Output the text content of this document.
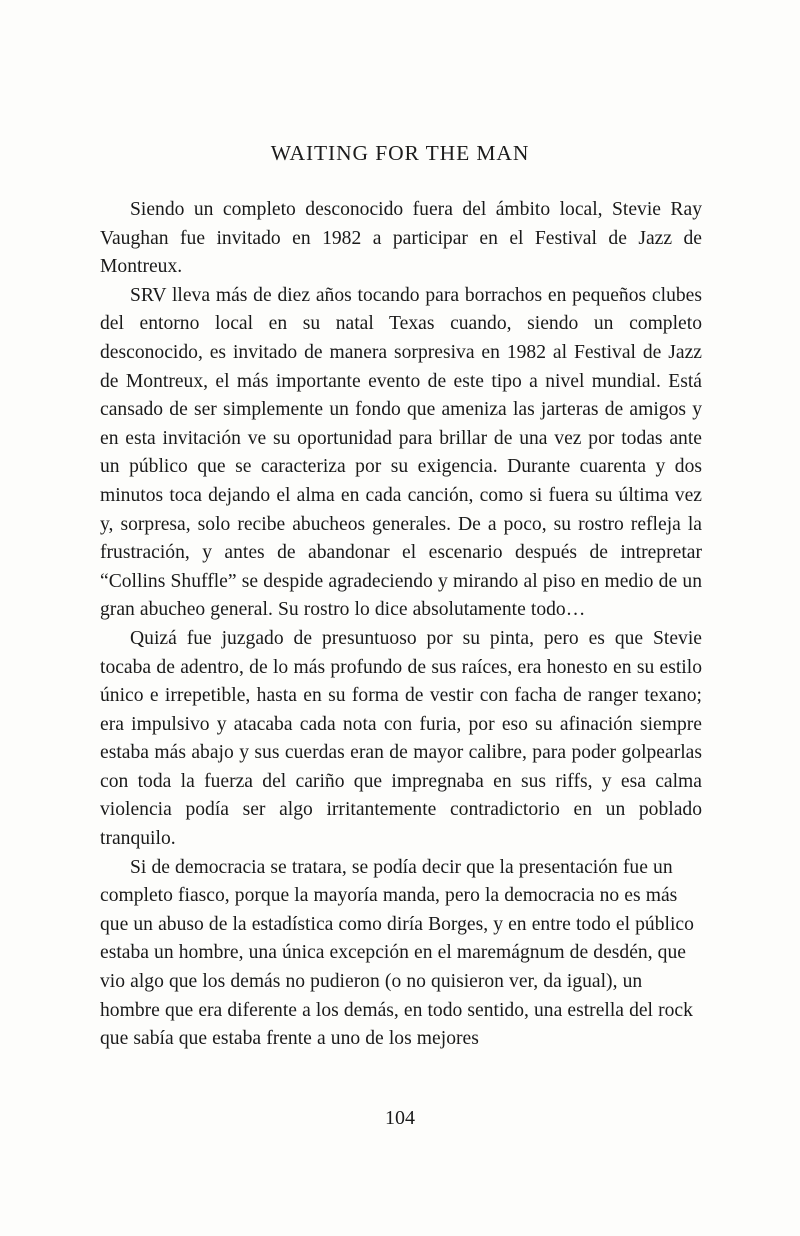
WAITING FOR THE MAN

Siendo un completo desconocido fuera del ámbito local, Stevie Ray Vaughan fue invitado en 1982 a participar en el Festival de Jazz de Montreux.

SRV lleva más de diez años tocando para borrachos en pequeños clubes del entorno local en su natal Texas cuando, siendo un completo desconocido, es invitado de manera sorpresiva en 1982 al Festival de Jazz de Montreux, el más importante evento de este tipo a nivel mundial. Está cansado de ser simplemente un fondo que ameniza las jarteras de amigos y en esta invitación ve su oportunidad para brillar de una vez por todas ante un público que se caracteriza por su exigencia. Durante cuarenta y dos minutos toca dejando el alma en cada canción, como si fuera su última vez y, sorpresa, solo recibe abucheos generales. De a poco, su rostro refleja la frustración, y antes de abandonar el escenario después de intrepretar “Collins Shuffle” se despide agradeciendo y mirando al piso en medio de un gran abucheo general. Su rostro lo dice absolutamente todo…

Quizá fue juzgado de presuntuoso por su pinta, pero es que Stevie tocaba de adentro, de lo más profundo de sus raíces, era honesto en su estilo único e irrepetible, hasta en su forma de vestir con facha de ranger texano; era impulsivo y atacaba cada nota con furia, por eso su afinación siempre estaba más abajo y sus cuerdas eran de mayor calibre, para poder golpearlas con toda la fuerza del cariño que impregnaba en sus riffs, y esa calma violencia podía ser algo irritantemente contradictorio en un poblado tranquilo.

Si de democracia se tratara, se podía decir que la presentación fue un completo fiasco, porque la mayoría manda, pero la democracia no es más que un abuso de la estadística como diría Borges, y en entre todo el público estaba un hombre, una única excepción en el maremágnum de desdén, que vio algo que los demás no pudieron (o no quisieron ver, da igual), un hombre que era diferente a los demás, en todo sentido, una estrella del rock que sabía que estaba frente a uno de los mejores

104
